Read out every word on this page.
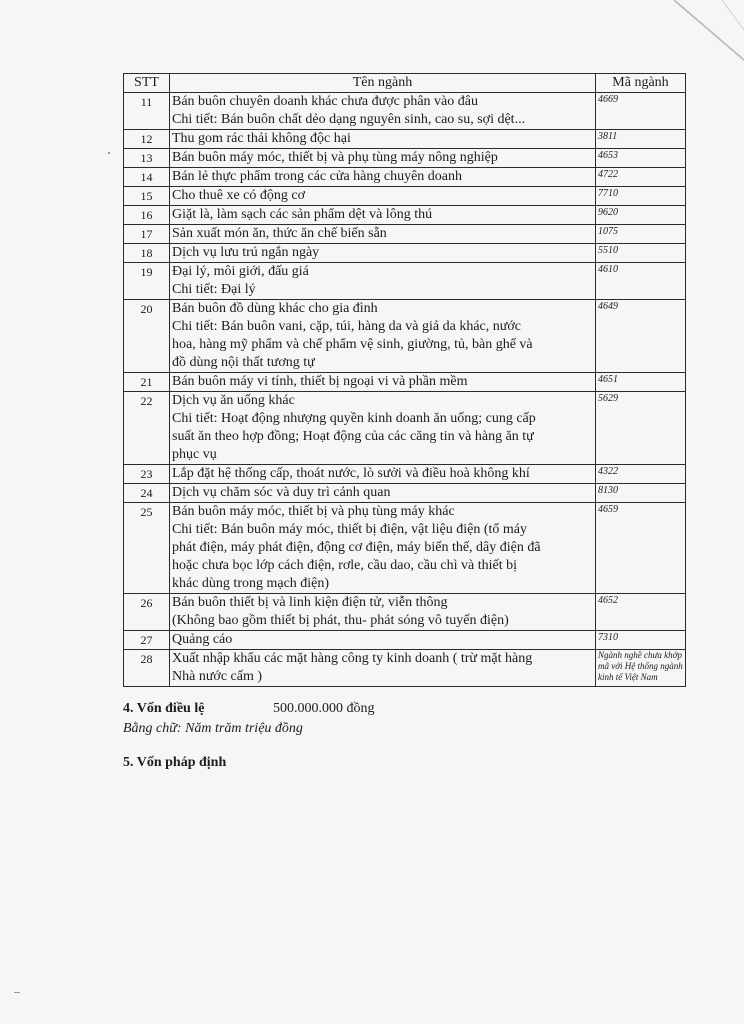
STT	Tên ngành	Mã ngành
11	Bán buôn chuyên doanh khác chưa được phân vào đâu
Chi tiết: Bán buôn chất dẻo dạng nguyên sinh, cao su, sợi dệt...	4669
12	Thu gom rác thải không độc hại	3811
13	Bán buôn máy móc, thiết bị và phụ tùng máy nông nghiệp	4653
14	Bán lẻ thực phẩm trong các cửa hàng chuyên doanh	4722
15	Cho thuê xe có động cơ	7710
16	Giặt là, làm sạch các sản phẩm dệt và lông thú	9620
17	Sản xuất món ăn, thức ăn chế biến sẵn	1075
18	Dịch vụ lưu trú ngắn ngày	5510
19	Đại lý, môi giới, đấu giá
Chi tiết: Đại lý	4610
20	Bán buôn đồ dùng khác cho gia đình
Chi tiết: Bán buôn vani, cặp, túi, hàng da và giả da khác, nước
hoa, hàng mỹ phẩm và chế phẩm vệ sinh, giường, tủ, bàn ghế và
đồ dùng nội thất tương tự	4649
21	Bán buôn máy vi tính, thiết bị ngoại vi và phần mềm	4651
22	Dịch vụ ăn uống khác
Chi tiết: Hoạt động nhượng quyền kinh doanh ăn uống; cung cấp
suất ăn theo hợp đồng; Hoạt động của các căng tin và hàng ăn tự
phục vụ	5629
23	Lắp đặt hệ thống cấp, thoát nước, lò sưởi và điều hoà không khí	4322
24	Dịch vụ chăm sóc và duy trì cảnh quan	8130
25	Bán buôn máy móc, thiết bị và phụ tùng máy khác
Chi tiết: Bán buôn máy móc, thiết bị điện, vật liệu điện (tổ máy
phát điện, máy phát điện, động cơ điện, máy biến thế, dây điện đã
hoặc chưa bọc lớp cách điện, rơle, cầu dao, cầu chì và thiết bị
khác dùng trong mạch điện)	4659
26	Bán buôn thiết bị và linh kiện điện tử, viễn thông
(Không bao gồm thiết bị phát, thu- phát sóng vô tuyến điện)	4652
27	Quảng cáo	7310
28	Xuất nhập khẩu các mặt hàng công ty kinh doanh ( trừ mặt hàng
Nhà nước cấm )	Ngành nghề chưa khớp mã với Hệ thống ngành kinh tế Việt Nam
4. Vốn điều lệ	500.000.000 đồng
Bằng chữ: Năm trăm triệu đồng
5. Vốn pháp định
